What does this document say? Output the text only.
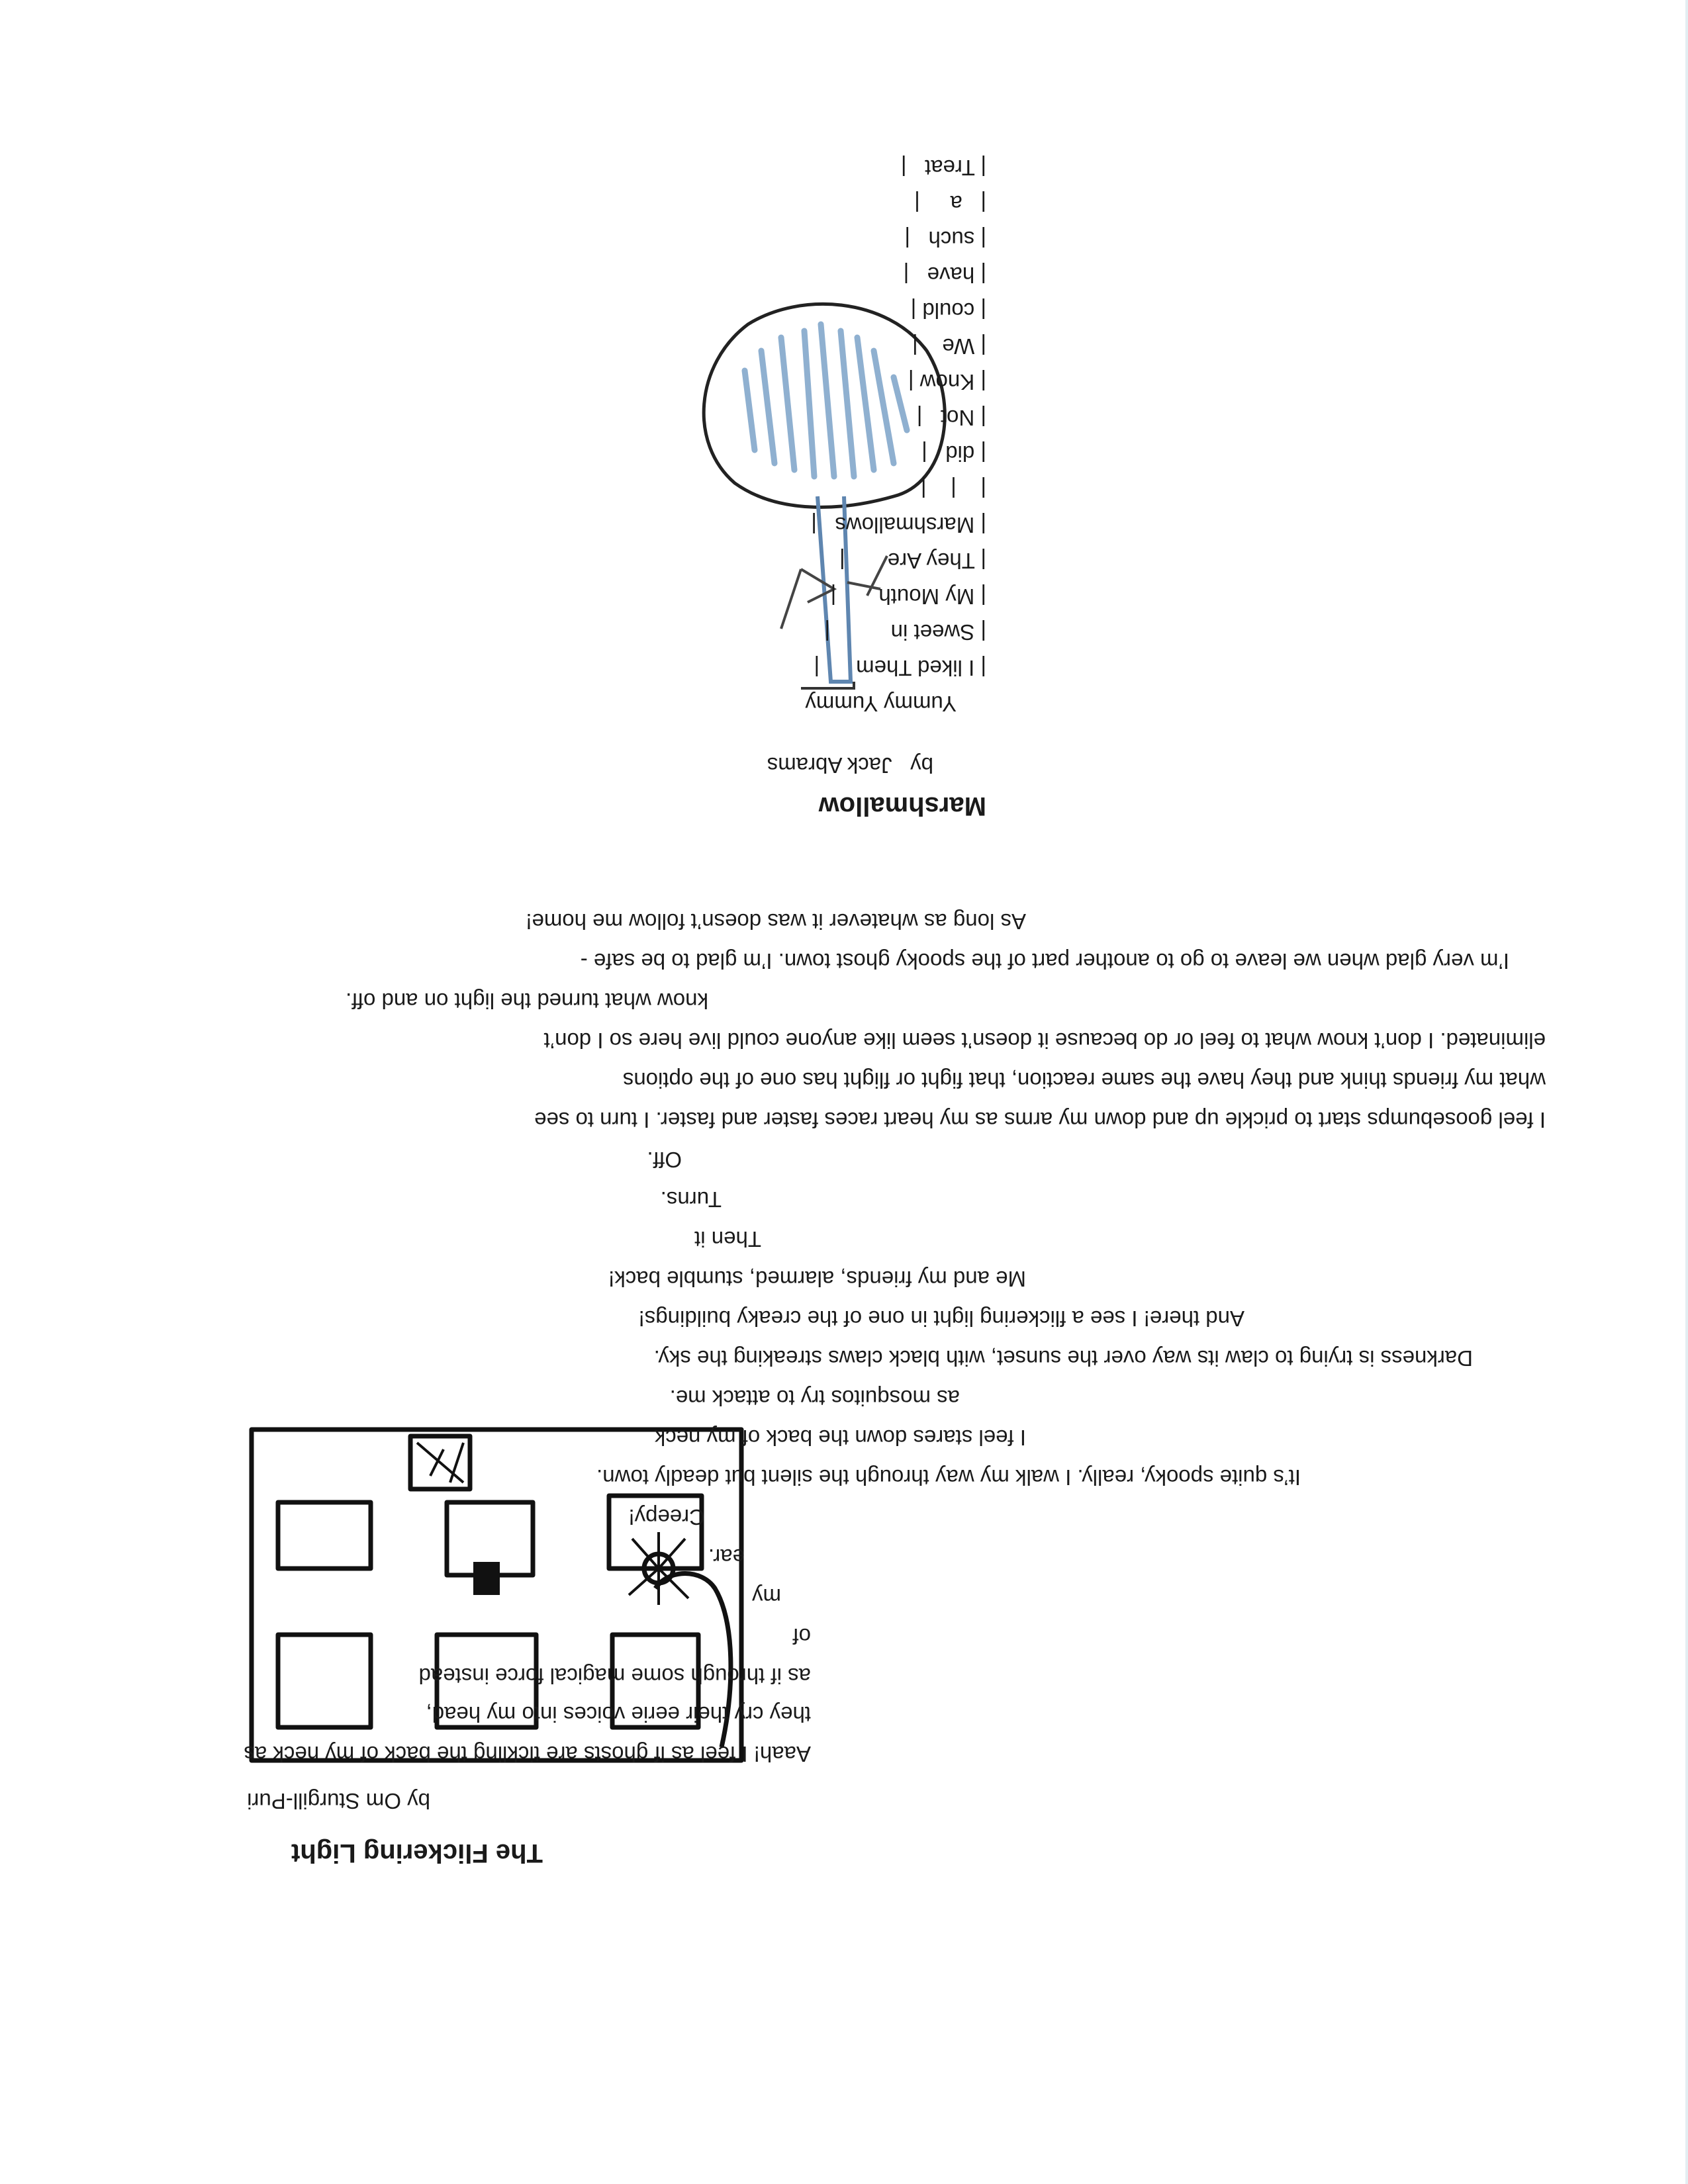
The Flickering Light
by Om Sturgill-Puri
Aaah! I feel as if ghosts are tickling the back of my neck as
they cry their eerie voices into my head,
as if through some magical force instead
of
my
ear.
Creepy!
It’s quite spooky, really. I walk my way through the silent but deadly town.
I feel stares down the back of my neck
as mosquitos try to attack me.
Darkness is trying to claw its way over the sunset, with black claws streaking the sky.
And there! I see a flickering light in one of the creaky buildings!
Me and my friends, alarmed, stumble back!
Then it
Turns.
Off.
I feel goosebumps start to prickle up and down my arms as my heart races faster and faster. I turn to see
what my friends think and they have the same reaction, that fight or flight has one of the options
eliminated. I don’t know what to feel or do because it doesn’t seem like anyone could live here so I don’t
know what turned the light on and off.
I’m very glad when we leave to go to another part of the spooky ghost town. I’m glad to be safe -
As long as whatever it was doesn’t follow me home!
Marshmallow
by   Jack Abrams
Yummy Yummy
| I liked Them      |
| Sweet in          |
| My Mouth       |
| They Are       |
| Marshmallows   |
|    |    |
| did   |
| Not   |
| Know |
| We    |
| could |
| have   |
| such   |
|   a     |
| Treat   |
